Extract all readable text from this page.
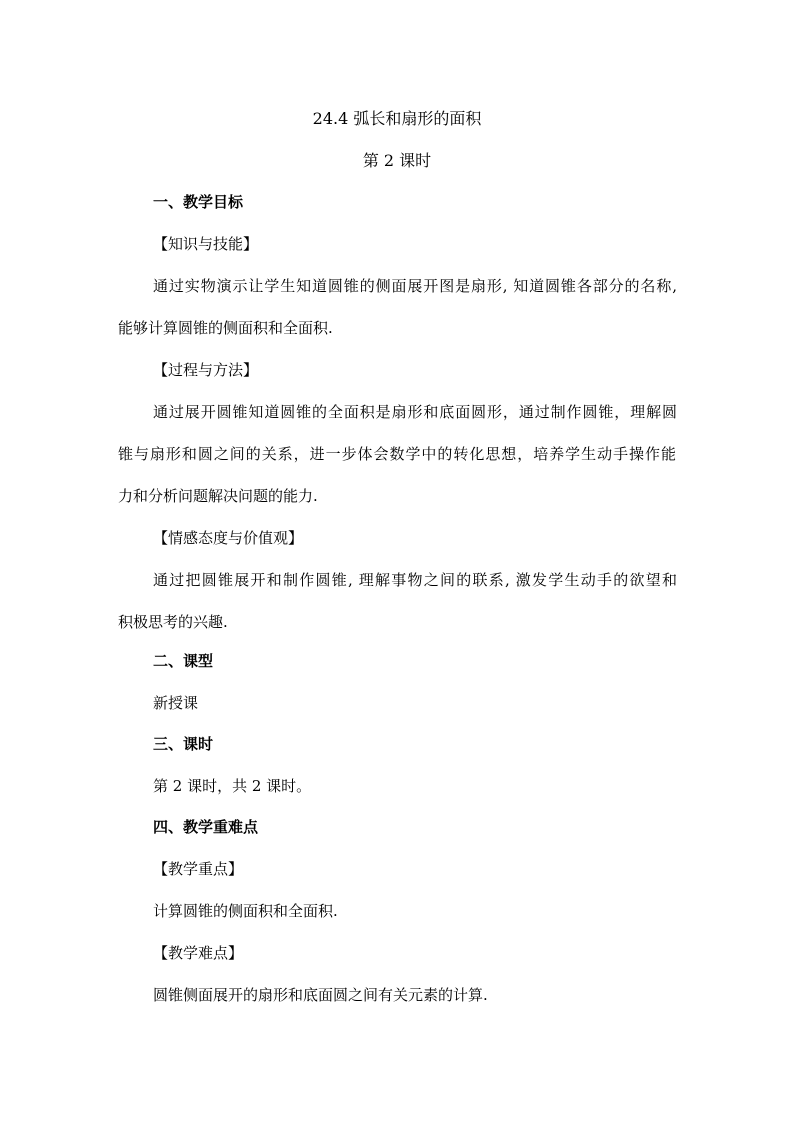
24.4 弧长和扇形的面积
第 2 课时
一、教学目标
【知识与技能】
通过实物演示让学生知道圆锥的侧面展开图是扇形, 知道圆锥各部分的名称,
能够计算圆锥的侧面积和全面积.
【过程与方法】
通过展开圆锥知道圆锥的全面积是扇形和底面圆形，通过制作圆锥，理解圆
锥与扇形和圆之间的关系，进一步体会数学中的转化思想，培养学生动手操作能
力和分析问题解决问题的能力.
【情感态度与价值观】
通过把圆锥展开和制作圆锥, 理解事物之间的联系, 激发学生动手的欲望和
积极思考的兴趣.
二、课型
新授课
三、课时
第 2 课时，共 2 课时。
四、教学重难点
【教学重点】
计算圆锥的侧面积和全面积.
【教学难点】
圆锥侧面展开的扇形和底面圆之间有关元素的计算.
